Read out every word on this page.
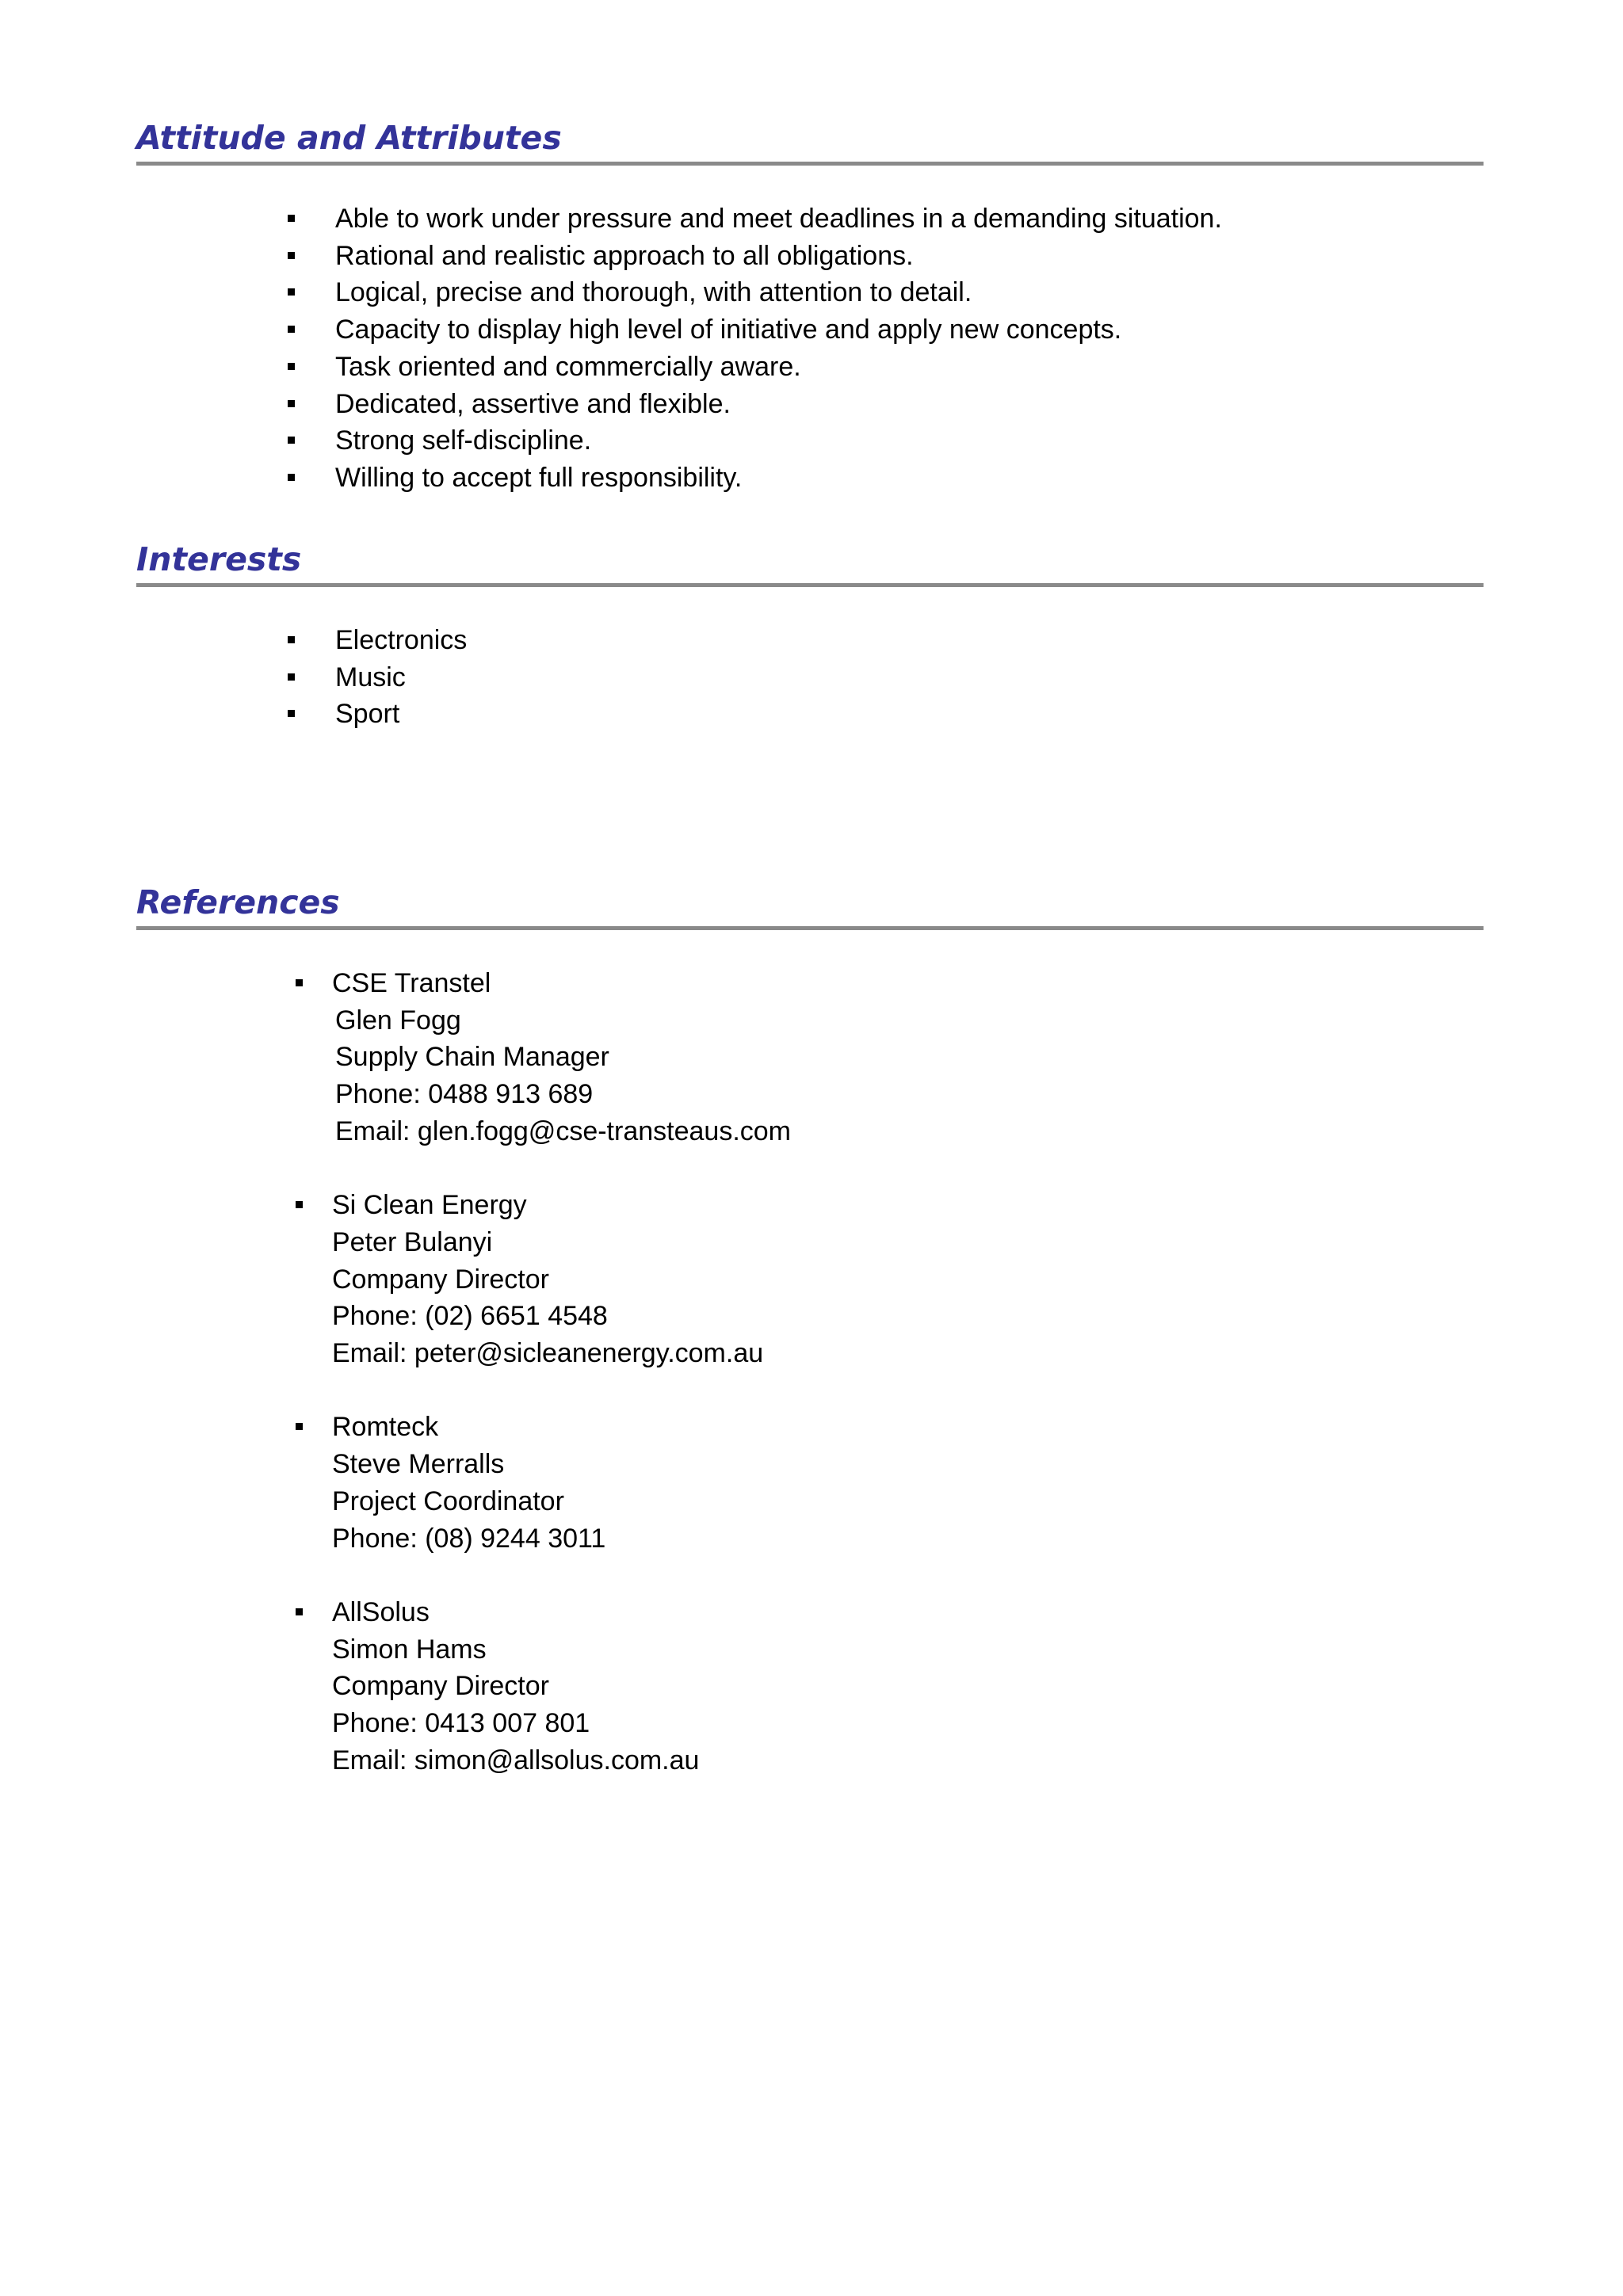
Attitude and Attributes
Able to work under pressure and meet deadlines in a demanding situation.
Rational and realistic approach to all obligations.
Logical, precise and thorough, with attention to detail.
Capacity to display high level of initiative and apply new concepts.
Task oriented and commercially aware.
Dedicated, assertive and flexible.
Strong self-discipline.
Willing to accept full responsibility.
Interests
Electronics
Music
Sport
References
CSE Transtel
Glen Fogg
Supply Chain Manager
Phone: 0488 913 689
Email: glen.fogg@cse-transteaus.com
Si Clean Energy
Peter Bulanyi
Company Director
Phone: (02) 6651 4548
Email: peter@sicleanenergy.com.au
Romteck
Steve Merralls
Project Coordinator
Phone: (08) 9244 3011
AllSolus
Simon Hams
Company Director
Phone: 0413 007 801
Email: simon@allsolus.com.au
